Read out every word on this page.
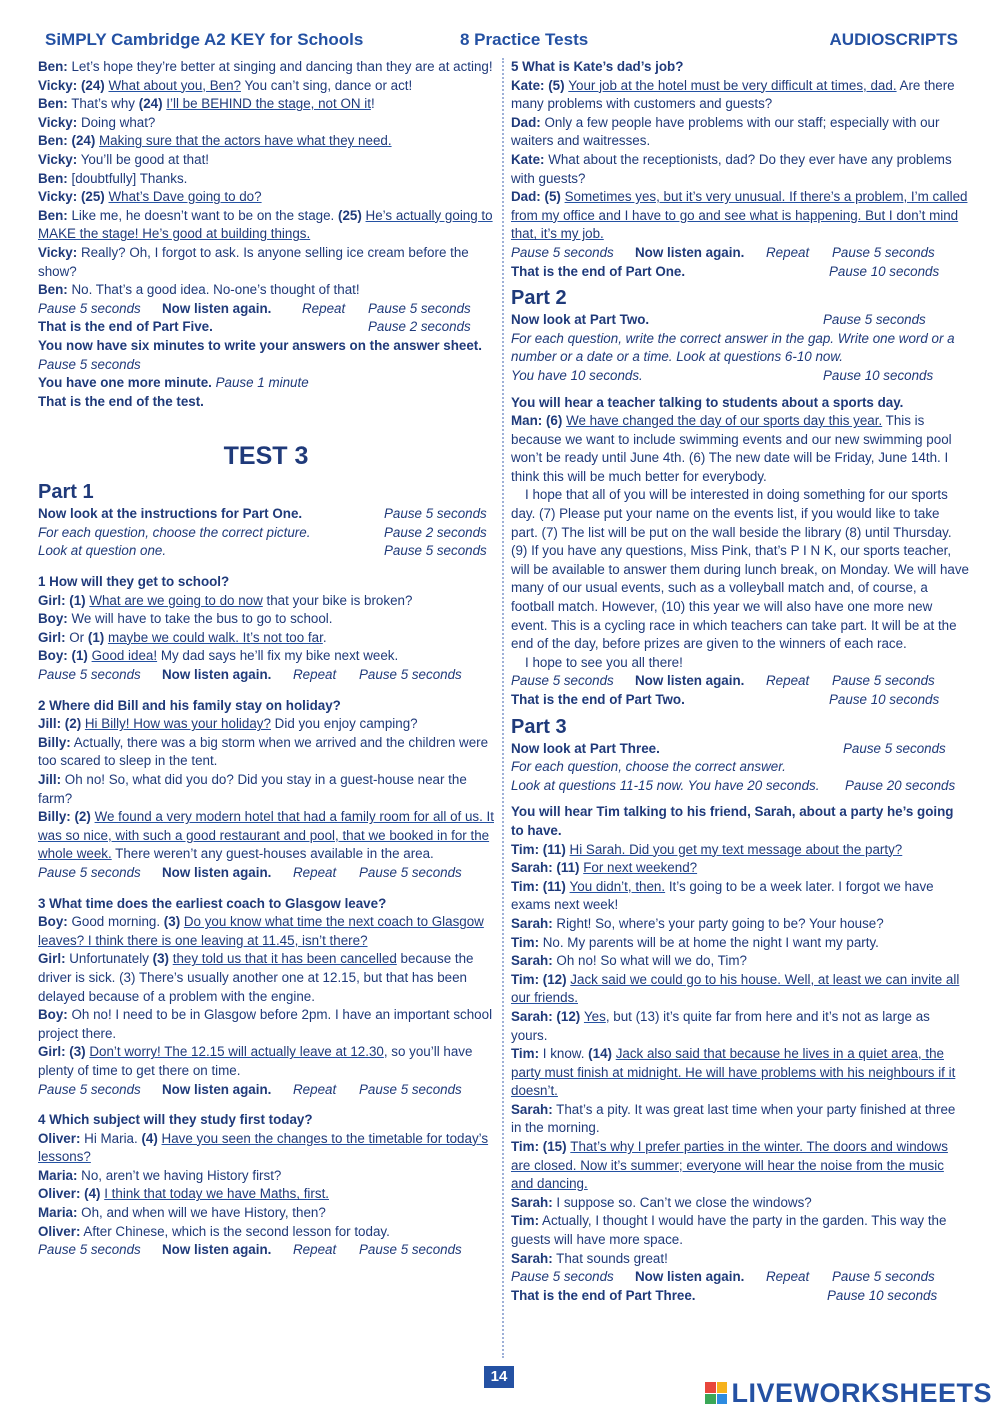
SiMPLY Cambridge A2 KEY for Schools	8 Practice Tests	AUDIOSCRIPTS

Ben: Let’s hope they’re better at singing and dancing than they are at acting!

Vicky: (24) What about you, Ben? You can’t sing, dance or act!

Ben: That’s why (24) I’ll be BEHIND the stage, not ON it!

Vicky: Doing what?

Ben: (24) Making sure that the actors have what they need.

Vicky: You’ll be good at that!

Ben: [doubtfully] Thanks.

Vicky: (25) What’s Dave going to do?

Ben: Like me, he doesn’t want to be on the stage. (25) He’s actually going to MAKE the stage! He’s good at building things.

Vicky: Really? Oh, I forgot to ask. Is anyone selling ice cream before the show?

Ben: No. That’s a good idea. No-one’s thought of that!

Pause 5 seconds	Now listen again.	Repeat	Pause 5 seconds

That is the end of Part Five.	Pause 2 seconds

You now have six minutes to write your answers on the answer sheet.

Pause 5 seconds

You have one more minute. Pause 1 minute

That is the end of the test.

TEST 3

Part 1

Now look at the instructions for Part One.	Pause 5 seconds

For each question, choose the correct picture.	Pause 2 seconds

Look at question one.	Pause 5 seconds

1 How will they get to school?

Girl: (1) What are we going to do now that your bike is broken?

Boy: We will have to take the bus to go to school.

Girl: Or (1) maybe we could walk. It’s not too far.

Boy: (1) Good idea! My dad says he’ll fix my bike next week.

Pause 5 seconds	Now listen again.	Repeat	Pause 5 seconds

2 Where did Bill and his family stay on holiday?

Jill: (2) Hi Billy! How was your holiday? Did you enjoy camping?

Billy: Actually, there was a big storm when we arrived and the children were too scared to sleep in the tent.

Jill: Oh no! So, what did you do? Did you stay in a guest-house near the farm?

Billy: (2) We found a very modern hotel that had a family room for all of us. It was so nice, with such a good restaurant and pool, that we booked in for the whole week. There weren’t any guest-houses available in the area.

Pause 5 seconds	Now listen again.	Repeat	Pause 5 seconds

3 What time does the earliest coach to Glasgow leave?

Boy: Good morning. (3) Do you know what time the next coach to Glasgow leaves? I think there is one leaving at 11.45, isn’t there?

Girl: Unfortunately (3) they told us that it has been cancelled because the driver is sick. (3) There’s usually another one at 12.15, but that has been delayed because of a problem with the engine.

Boy: Oh no! I need to be in Glasgow before 2pm. I have an important school project there.

Girl: (3) Don’t worry! The 12.15 will actually leave at 12.30, so you’ll have plenty of time to get there on time.

Pause 5 seconds	Now listen again.	Repeat	Pause 5 seconds

4 Which subject will they study first today?

Oliver: Hi Maria. (4) Have you seen the changes to the timetable for today’s lessons?

Maria: No, aren’t we having History first?

Oliver: (4) I think that today we have Maths, first.

Maria: Oh, and when will we have History, then?

Oliver: After Chinese, which is the second lesson for today.

Pause 5 seconds	Now listen again.	Repeat	Pause 5 seconds

5 What is Kate’s dad’s job?

Kate: (5) Your job at the hotel must be very difficult at times, dad. Are there many problems with customers and guests?

Dad: Only a few people have problems with our staff; especially with our waiters and waitresses.

Kate: What about the receptionists, dad? Do they ever have any problems with guests?

Dad: (5) Sometimes yes, but it’s very unusual. If there’s a problem, I’m called from my office and I have to go and see what is happening. But I don’t mind that, it’s my job.

Pause 5 seconds	Now listen again.	Repeat	Pause 5 seconds

That is the end of Part One.	Pause 10 seconds

Part 2

Now look at Part Two.	Pause 5 seconds

For each question, write the correct answer in the gap. Write one word or a number or a date or a time. Look at questions 6-10 now.

You have 10 seconds.	Pause 10 seconds

You will hear a teacher talking to students about a sports day.

Man: (6) We have changed the day of our sports day this year. This is because we want to include swimming events and our new swimming pool won’t be ready until June 4th. (6) The new date will be Friday, June 14th. I think this will be much better for everybody.

I hope that all of you will be interested in doing something for our sports day. (7) Please put your name on the events list, if you would like to take part. (7) The list will be put on the wall beside the library (8) until Thursday. (9) If you have any questions, Miss Pink, that’s P I N K, our sports teacher, will be available to answer them during lunch break, on Monday. We will have many of our usual events, such as a volleyball match and, of course, a football match. However, (10) this year we will also have one more new event. This is a cycling race in which teachers can take part. It will be at the end of the day, before prizes are given to the winners of each race.

I hope to see you all there!

Pause 5 seconds	Now listen again.	Repeat	Pause 5 seconds

That is the end of Part Two.	Pause 10 seconds

Part 3

Now look at Part Three.	Pause 5 seconds

For each question, choose the correct answer.

Look at questions 11-15 now. You have 20 seconds. Pause 20 seconds

You will hear Tim talking to his friend, Sarah, about a party he’s going to have.

Tim: (11) Hi Sarah. Did you get my text message about the party?

Sarah: (11) For next weekend?

Tim: (11) You didn’t, then. It’s going to be a week later. I forgot we have exams next week!

Sarah: Right! So, where’s your party going to be? Your house?

Tim: No. My parents will be at home the night I want my party.

Sarah: Oh no! So what will we do, Tim?

Tim: (12) Jack said we could go to his house. Well, at least we can invite all our friends.

Sarah: (12) Yes, but (13) it’s quite far from here and it’s not as large as yours.

Tim: I know. (14) Jack also said that because he lives in a quiet area, the party must finish at midnight. He will have problems with his neighbours if it doesn’t.

Sarah: That’s a pity. It was great last time when your party finished at three in the morning.

Tim: (15) That’s why I prefer parties in the winter. The doors and windows are closed. Now it’s summer; everyone will hear the noise from the music and dancing.

Sarah: I suppose so. Can’t we close the windows?

Tim: Actually, I thought I would have the party in the garden. This way the guests will have more space.

Sarah: That sounds great!

Pause 5 seconds	Now listen again.	Repeat	Pause 5 seconds

That is the end of Part Three.	Pause 10 seconds

14
LIVEWORKSHEETS
